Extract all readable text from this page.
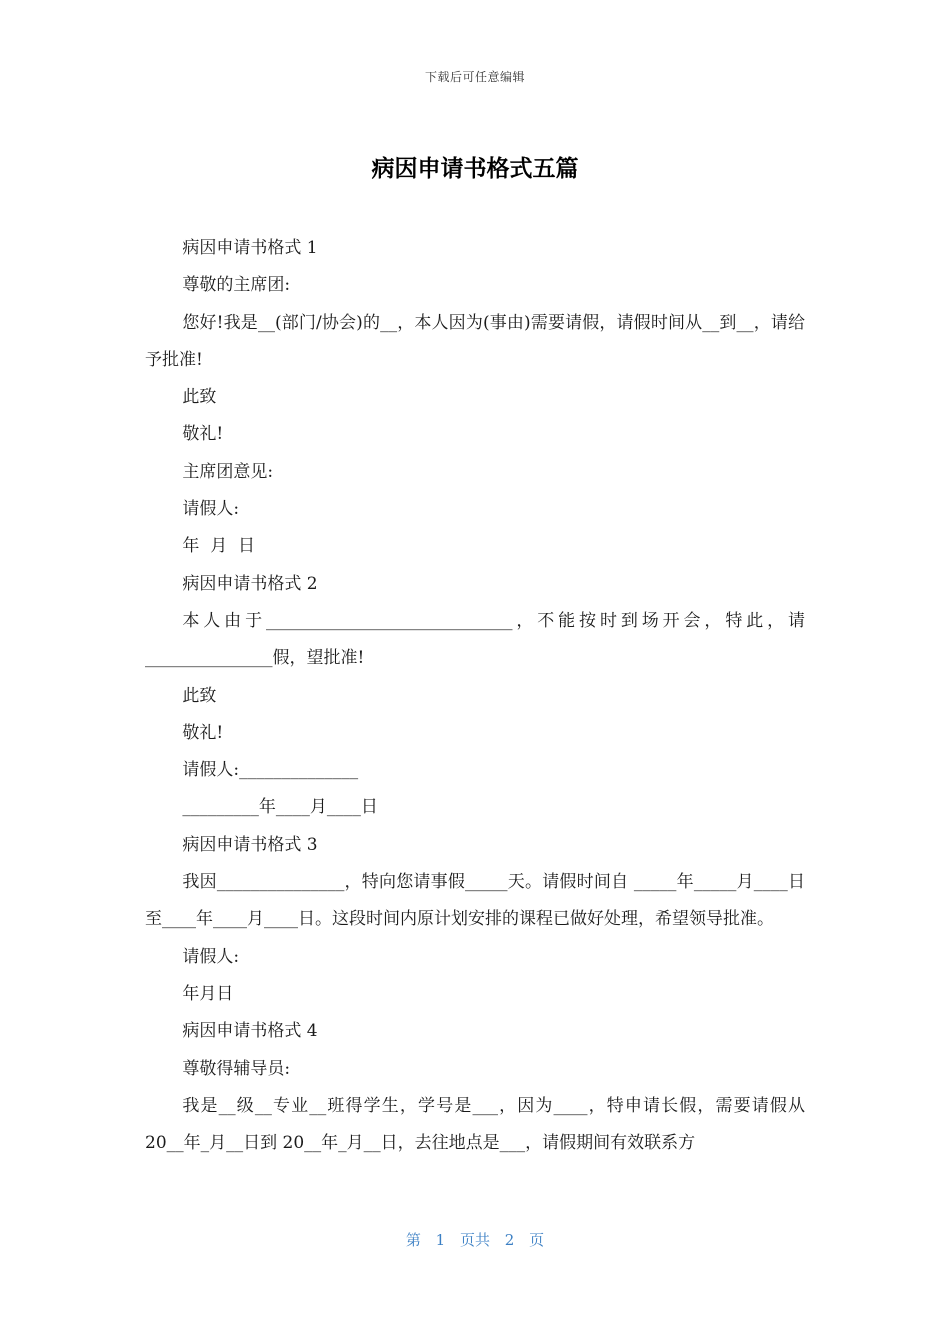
下载后可任意编辑
病因申请书格式五篇

病因申请书格式 1

尊敬的主席团:

您好!我是__(部门/协会)的__，本人因为(事由)需要请假，请假时间从__到__，请给予批准!

此致

敬礼!

主席团意见:

请假人:

年  月  日

病因申请书格式 2

本人由于_____________________________，不能按时到场开会，特此，请_______________假，望批准!

此致

敬礼!

请假人:______________

_________年____月____日

病因申请书格式 3

我因_______________，特向您请事假_____天。请假时间自 _____年_____月____日至____年____月____日。这段时间内原计划安排的课程已做好处理，希望领导批准。

请假人:

年月日

病因申请书格式 4

尊敬得辅导员:

我是__级__专业__班得学生，学号是___，因为____，特申请长假，需要请假从 20__年_月__日到 20__年_月__日，去往地点是___，请假期间有效联系方

第 1 页共 2 页
